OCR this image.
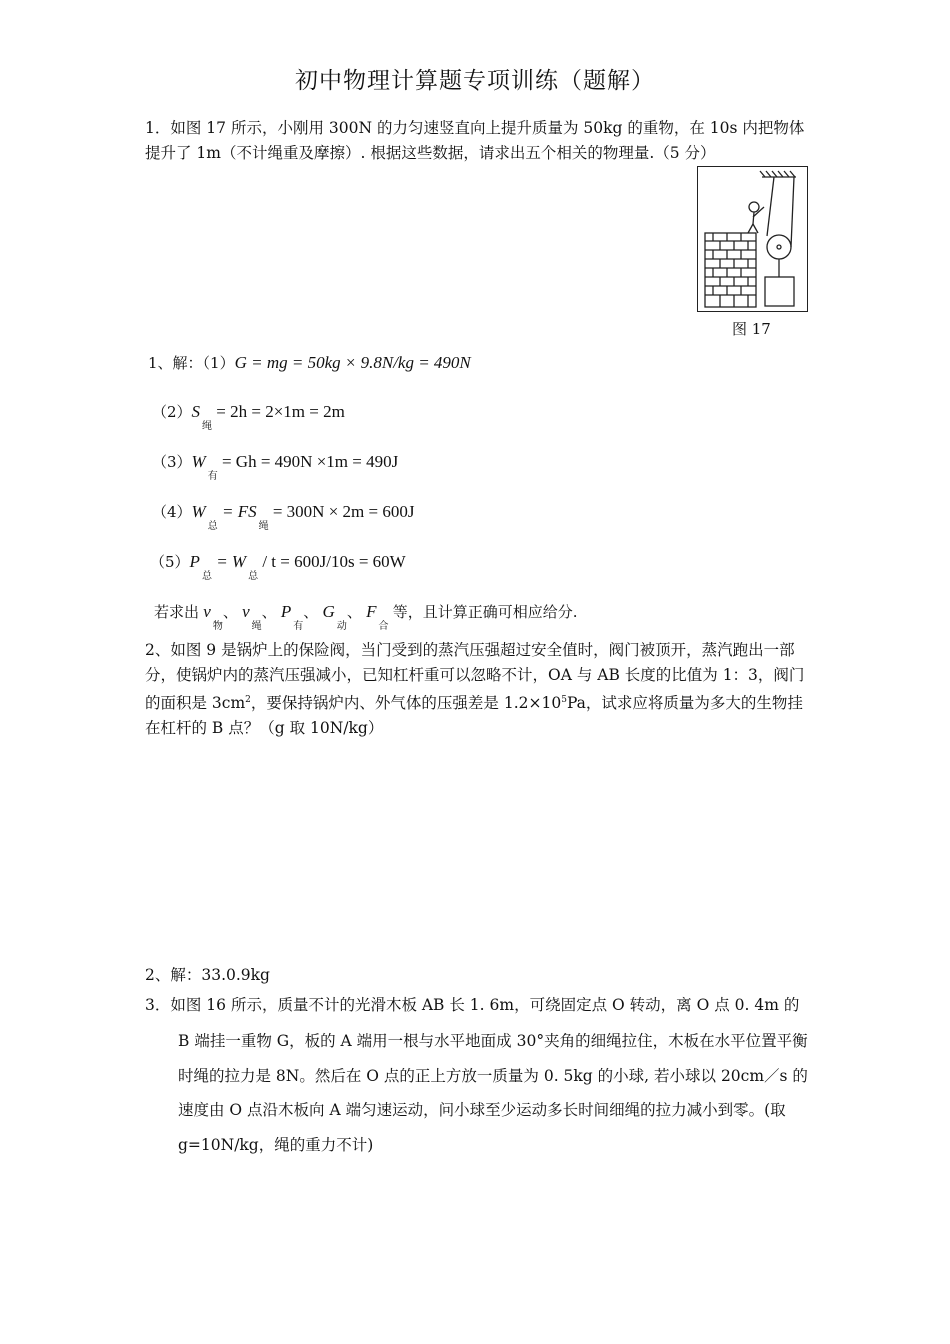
初中物理计算题专项训练（题解）
1．如图 17 所示，小刚用 300N 的力匀速竖直向上提升质量为 50kg 的重物，在 10s 内把物体提升了 1m（不计绳重及摩擦）. 根据这些数据，请求出五个相关的物理量.（5 分）
图 17
1、解：（1）G = mg = 50kg × 9.8N/kg = 490N
$(2)S_绳 = 2h = 2\times 1m = 2m$
$(3)W_有 = Gh = 490N \times 1m = 490J$
$(4)W_总 = FS_绳 = 300N \times 2m = 600J$
$(5)P_总 = W_总 / t = 600J/10s = 60W$
若求出 $v_物$、 $v_绳$、 $P_有$、 $G_动$、 $F_合$ 等，且计算正确可相应给分.
2、如图 9 是锅炉上的保险阀，当门受到的蒸汽压强超过安全值时，阀门被顶开，蒸汽跑出一部分，使锅炉内的蒸汽压强减小，已知杠杆重可以忽略不计，OA 与 AB 长度的比值为 1：3，阀门的面积是 $3cm^2$，要保持锅炉内、外气体的压强差是 $1.2\times 10^5Pa$，试求应将质量为多大的生物挂在杠杆的 B 点？（g 取 10N/kg）
2、解：33.0.9kg
3．如图 16 所示，质量不计的光滑木板 AB 长 1. 6m，可绕固定点 O 转动，离 O 点 0. 4m 的
B 端挂一重物 G，板的 A 端用一根与水平地面成 30°夹角的细绳拉住，木板在水平位置平衡时绳的拉力是 8N。然后在 O 点的正上方放一质量为 0. 5kg 的小球, 若小球以 20cm／s 的速度由 O 点沿木板向 A 端匀速运动，问小球至少运动多长时间细绳的拉力减小到零。(取 g=10N/kg，绳的重力不计)
